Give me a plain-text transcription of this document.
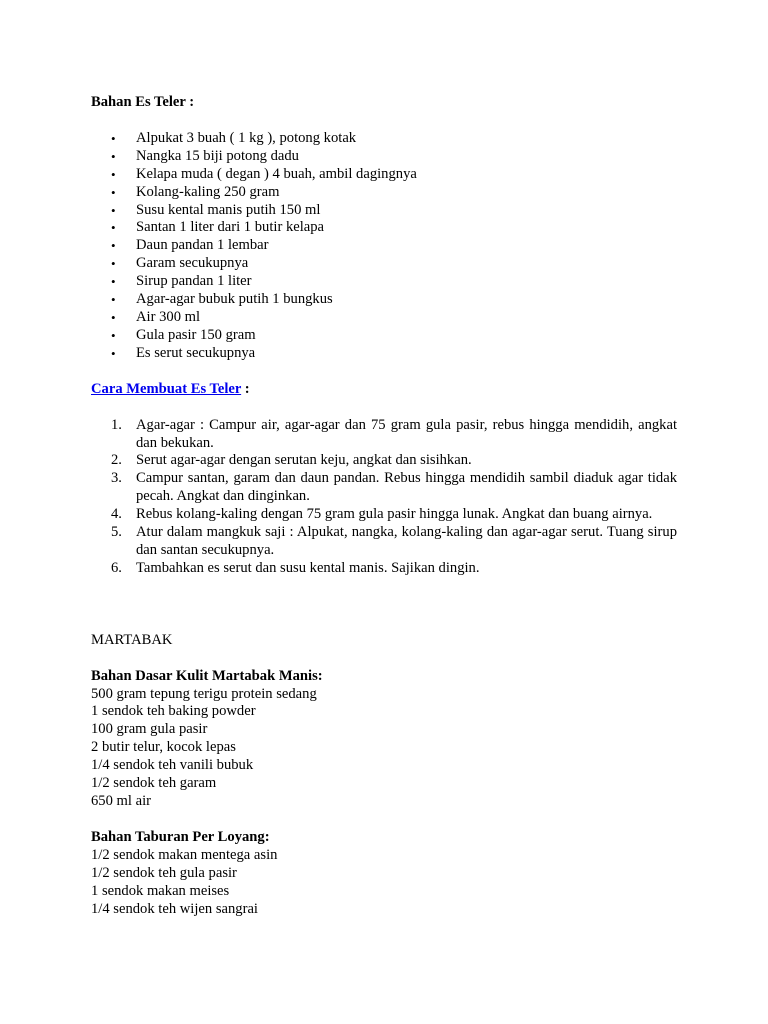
Bahan Es Teler :

• Alpukat 3 buah ( 1 kg ), potong kotak
• Nangka 15 biji potong dadu
• Kelapa muda ( degan ) 4 buah, ambil dagingnya
• Kolang-kaling 250 gram
• Susu kental manis putih 150 ml
• Santan 1 liter dari 1 butir kelapa
• Daun pandan 1 lembar
• Garam secukupnya
• Sirup pandan 1 liter
• Agar-agar bubuk putih 1 bungkus
• Air 300 ml
• Gula pasir 150 gram
• Es serut secukupnya

Cara Membuat Es Teler :

1. Agar-agar : Campur air, agar-agar dan 75 gram gula pasir, rebus hingga mendidih, angkat dan bekukan.
2. Serut agar-agar dengan serutan keju, angkat dan sisihkan.
3. Campur santan, garam dan daun pandan. Rebus hingga mendidih sambil diaduk agar tidak pecah. Angkat dan dinginkan.
4. Rebus kolang-kaling dengan 75 gram gula pasir hingga lunak. Angkat dan buang airnya.
5. Atur dalam mangkuk saji : Alpukat, nangka, kolang-kaling dan agar-agar serut. Tuang sirup dan santan secukupnya.
6. Tambahkan es serut dan susu kental manis. Sajikan dingin.

MARTABAK

Bahan Dasar Kulit Martabak Manis:

500 gram tepung terigu protein sedang

1 sendok teh baking powder

100 gram gula pasir

2 butir telur, kocok lepas

1/4 sendok teh vanili bubuk

1/2 sendok teh garam

650 ml air

Bahan Taburan Per Loyang:

1/2 sendok makan mentega asin

1/2 sendok teh gula pasir

1 sendok makan meises

1/4 sendok teh wijen sangrai
